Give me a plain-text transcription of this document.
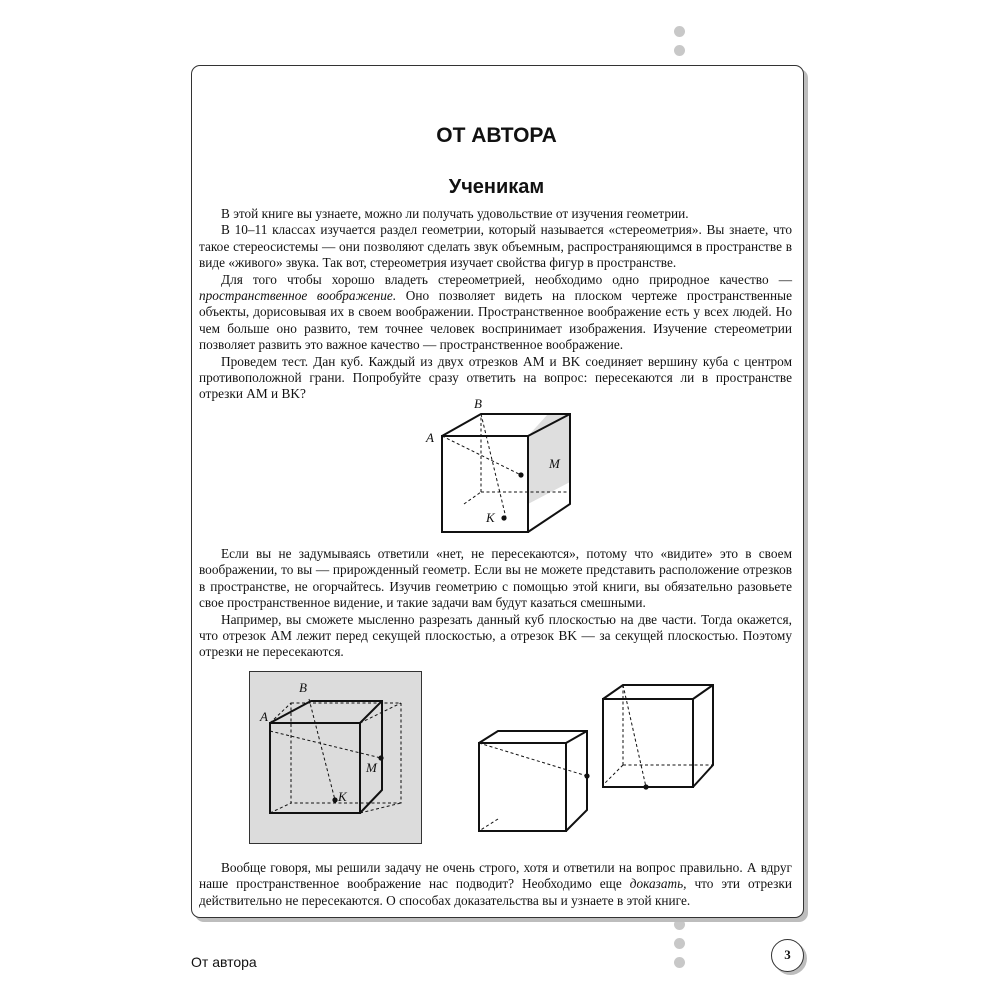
ОТ АВТОРА
Ученикам

В этой книге вы узнаете, можно ли получать удовольствие от изучения геометрии.

В 10–11 классах изучается раздел геометрии, который называется «стереометрия». Вы знаете, что такое стереосистемы — они позволяют сделать звук объемным, распространяющимся в пространстве в виде «живого» звука. Так вот, стереометрия изучает свойства фигур в пространстве.

Для того чтобы хорошо владеть стереометрией, необходимо одно природное качество — пространственное воображение. Оно позволяет видеть на плоском чертеже пространственные объекты, дорисовывая их в своем воображении. Пространственное воображение есть у всех людей. Но чем больше оно развито, тем точнее человек воспринимает изображения. Изучение стереометрии позволяет развить это важное качество — пространственное воображение.

Проведем тест. Дан куб. Каждый из двух отрезков AM и BK соединяет вершину куба с центром противоположной грани. Попробуйте сразу ответить на вопрос: пересекаются ли в пространстве отрезки AM и BK?

B
A
M
K

Если вы не задумываясь ответили «нет, не пересекаются», потому что «видите» это в своем воображении, то вы — прирожденный геометр. Если вы не можете представить расположение отрезков в пространстве, не огорчайтесь. Изучив геометрию с помощью этой книги, вы обязательно разовьете свое пространственное видение, и такие задачи вам будут казаться смешными.

Например, вы сможете мысленно разрезать данный куб плоскостью на две части. Тогда окажется, что отрезок AM лежит перед секущей плоскостью, а отрезок BK — за секущей плоскостью. Поэтому отрезки не пересекаются.

B
A
M
K

Вообще говоря, мы решили задачу не очень строго, хотя и ответили на вопрос правильно. А вдруг наше пространственное воображение нас подводит? Необходимо еще доказать, что эти отрезки действительно не пересекаются. О способах доказательства вы и узнаете в этой книге.

От автора	3
